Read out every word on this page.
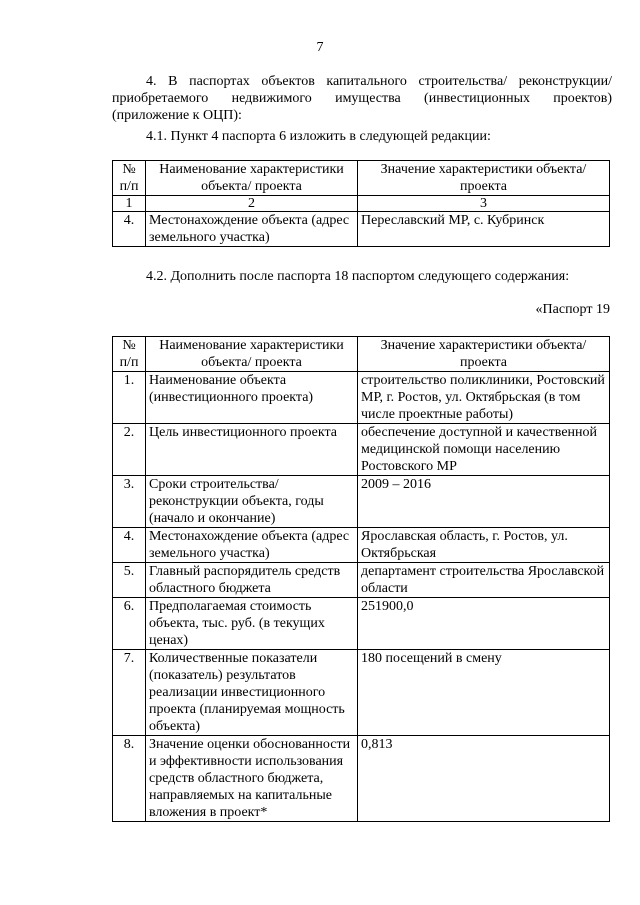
7
4. В паспортах объектов капитального строительства/ реконструкции/ приобретаемого недвижимого имущества (инвестиционных проектов) (приложение к ОЦП):
4.1. Пункт 4 паспорта 6 изложить в следующей редакции:
№ п/п	Наименование характеристики объекта/ проекта	Значение характеристики объекта/проекта
1	2	3
4.	Местонахождение объекта (адрес земельного участка)	Переславский МР, с. Кубринск
4.2. Дополнить после паспорта 18 паспортом следующего содержания:
«Паспорт 19
№ п/п	Наименование характеристики объекта/ проекта	Значение характеристики объекта/проекта
1.	Наименование объекта (инвестиционного проекта)	строительство поликлиники, Ростовский МР, г. Ростов, ул. Октябрьская (в том числе проектные работы)
2.	Цель инвестиционного проекта	обеспечение доступной и качественной медицинской помощи населению Ростовского МР
3.	Сроки строительства/ реконструкции объекта, годы (начало и окончание)	2009 – 2016
4.	Местонахождение объекта (адрес земельного участка)	Ярославская область, г. Ростов, ул. Октябрьская
5.	Главный распорядитель средств областного бюджета	департамент строительства Ярославской области
6.	Предполагаемая стоимость объекта, тыс. руб. (в текущих ценах)	251900,0
7.	Количественные показатели (показатель) результатов реализации инвестиционного проекта (планируемая мощность объекта)	180 посещений в смену
8.	Значение оценки обоснованности и эффективности использования средств областного бюджета, направляемых на капитальные вложения в проект*	0,813
